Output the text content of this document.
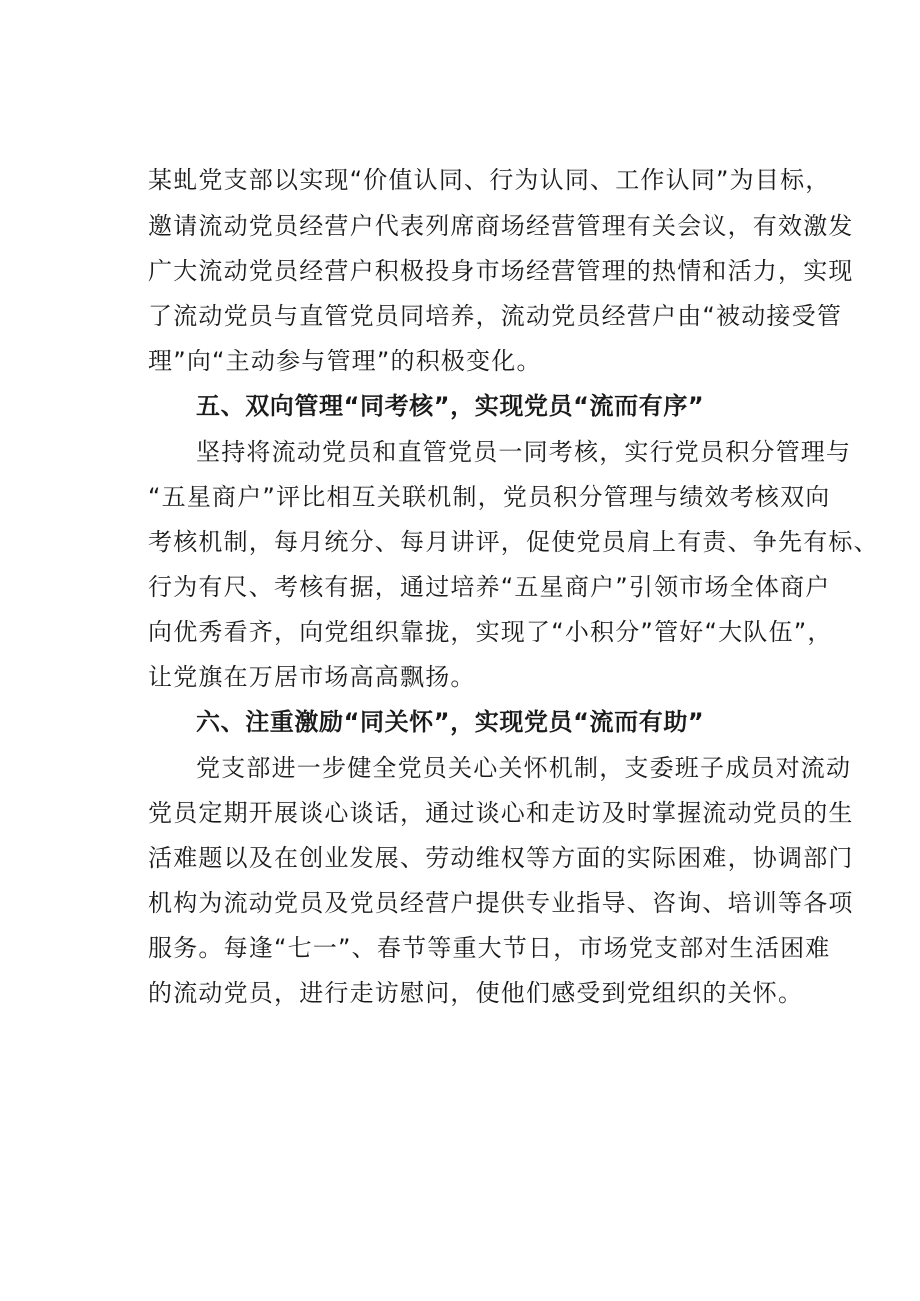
某虬党支部以实现“价值认同、行为认同、工作认同”为目标，
邀请流动党员经营户代表列席商场经营管理有关会议，有效激发
广大流动党员经营户积极投身市场经营管理的热情和活力，实现
了流动党员与直管党员同培养，流动党员经营户由“被动接受管
理”向“主动参与管理”的积极变化。
五、双向管理“同考核”，实现党员“流而有序”
坚持将流动党员和直管党员一同考核，实行党员积分管理与
“五星商户”评比相互关联机制，党员积分管理与绩效考核双向
考核机制，每月统分、每月讲评，促使党员肩上有责、争先有标、
行为有尺、考核有据，通过培养“五星商户”引领市场全体商户
向优秀看齐，向党组织靠拢，实现了“小积分”管好“大队伍”，
让党旗在万居市场高高飘扬。
六、注重激励“同关怀”，实现党员“流而有助”
党支部进一步健全党员关心关怀机制，支委班子成员对流动
党员定期开展谈心谈话，通过谈心和走访及时掌握流动党员的生
活难题以及在创业发展、劳动维权等方面的实际困难，协调部门
机构为流动党员及党员经营户提供专业指导、咨询、培训等各项
服务。每逢“七一”、春节等重大节日，市场党支部对生活困难
的流动党员，进行走访慰问，使他们感受到党组织的关怀。
